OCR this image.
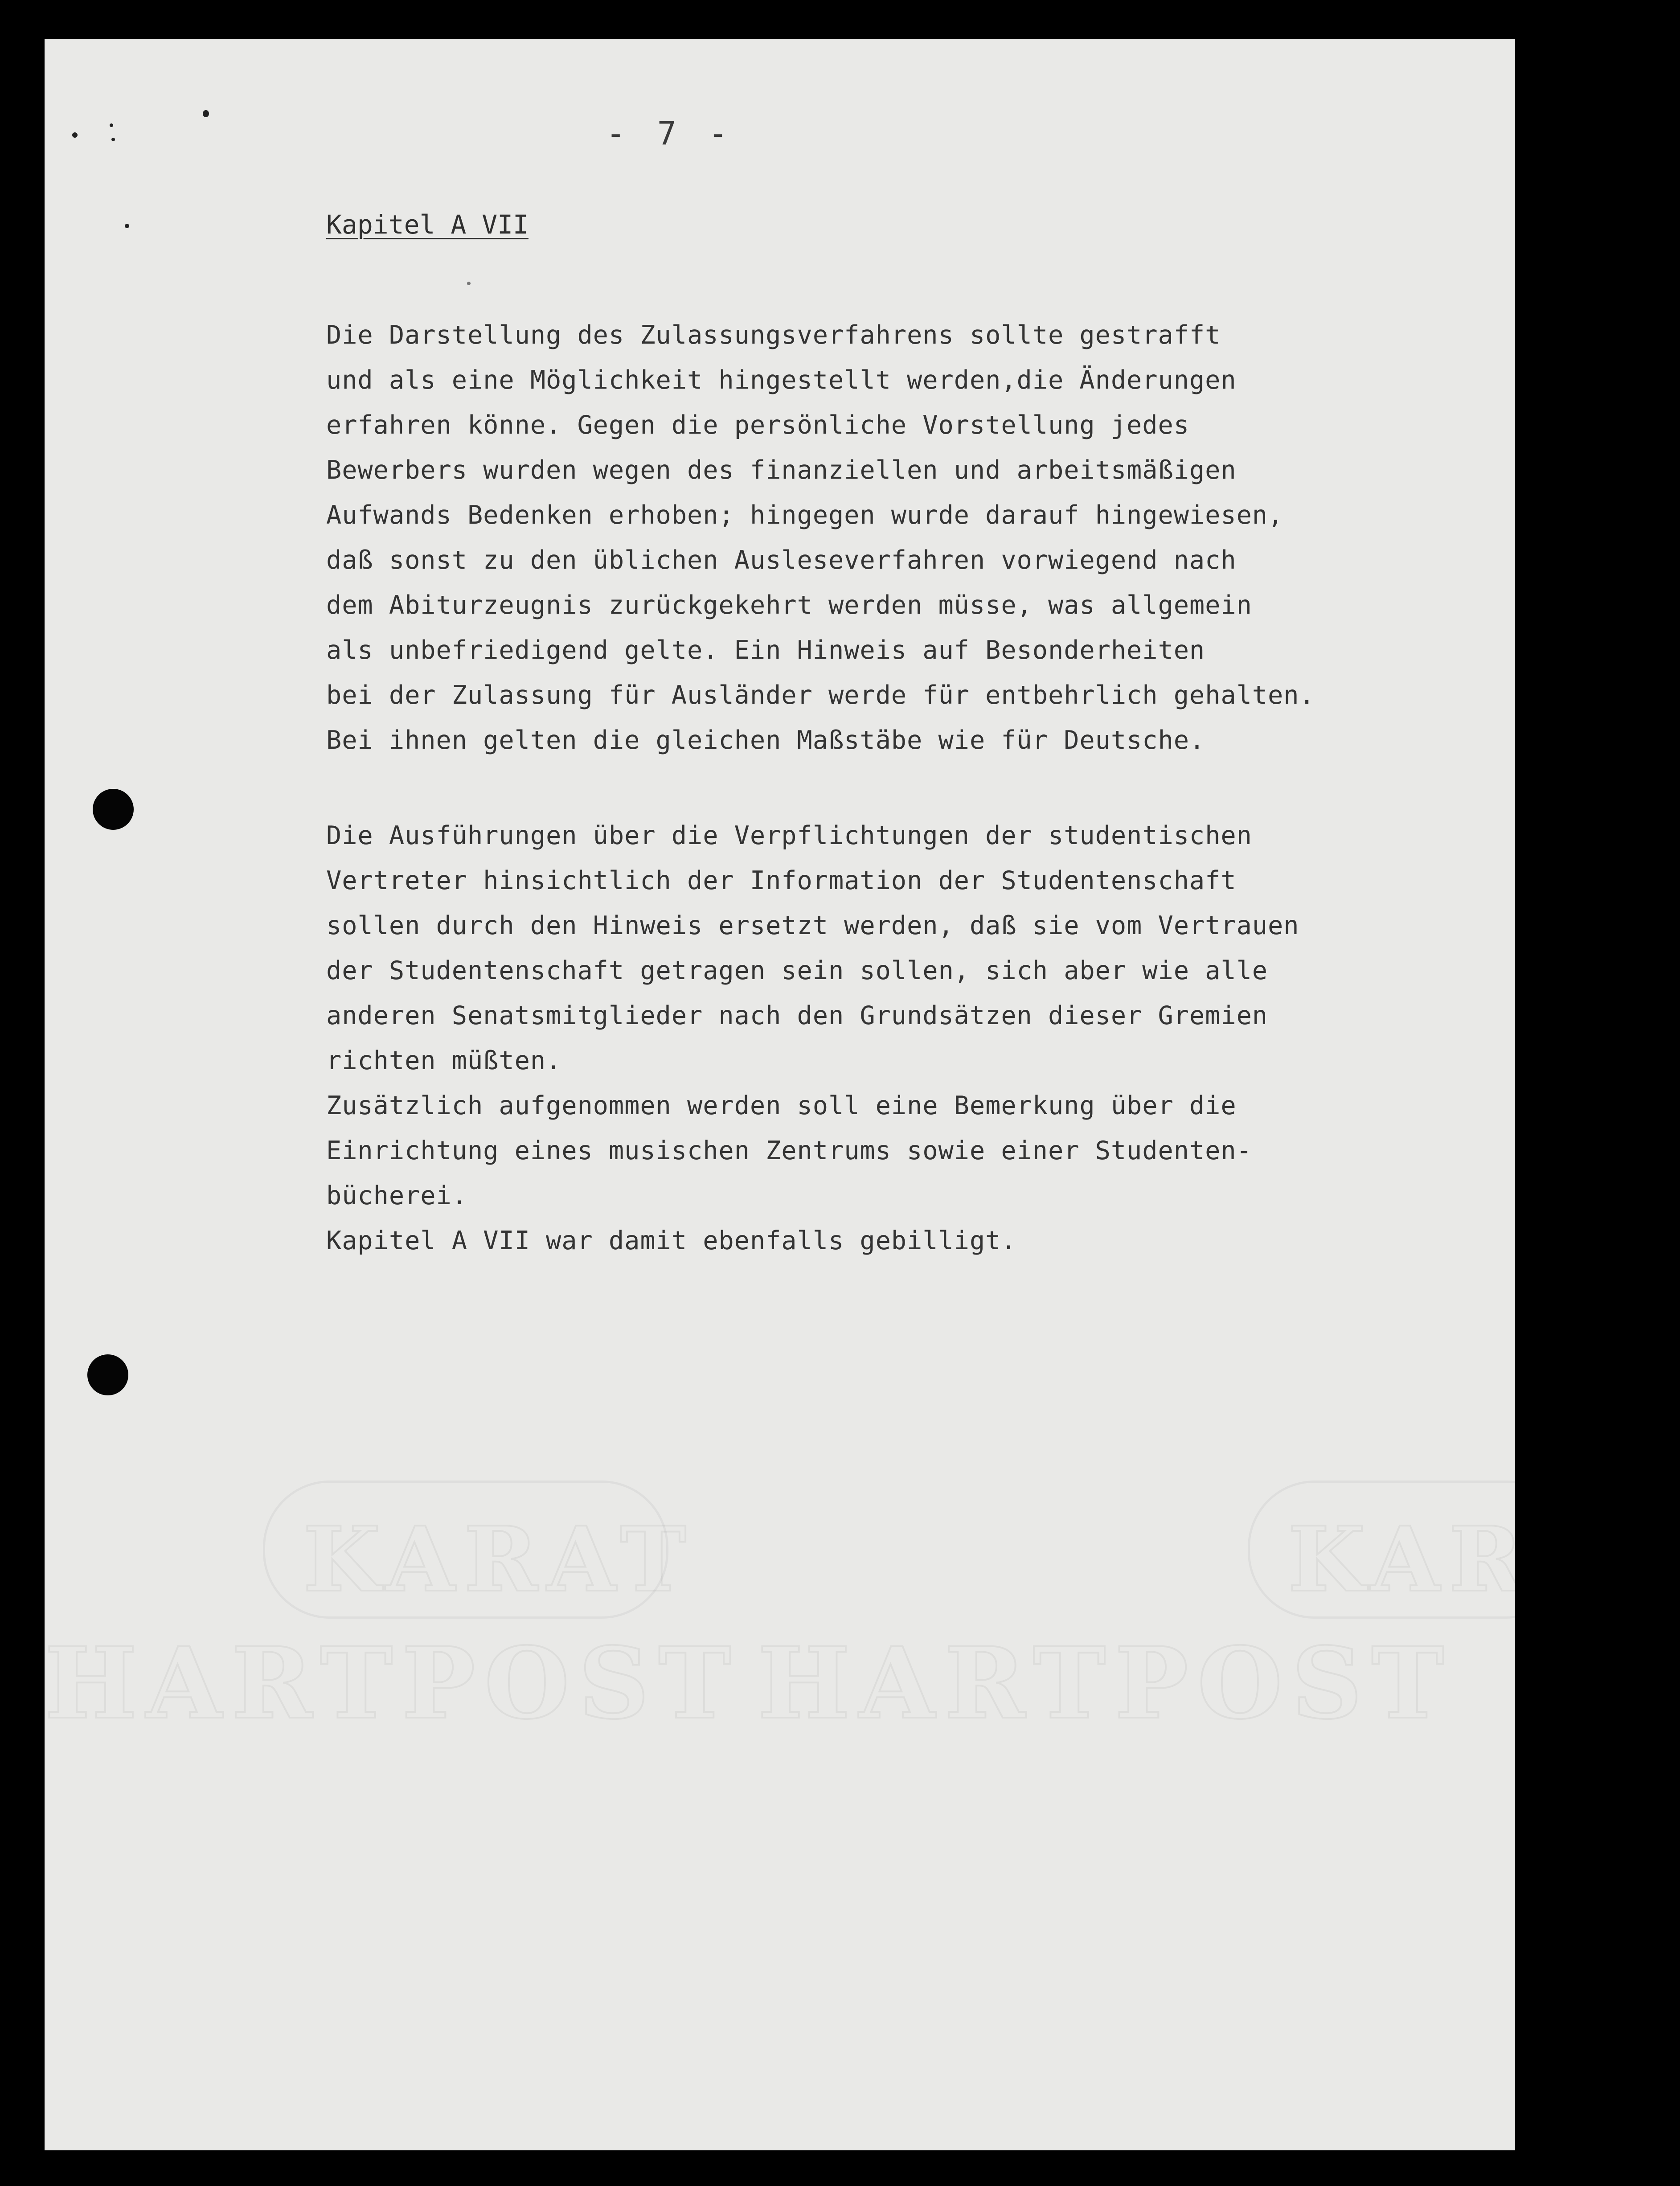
KARAT	KARAT
HARTPOST HARTPOST
- 7 -
Kapitel A VII

Die Darstellung des Zulassungsverfahrens sollte gestrafft
und als eine Möglichkeit hingestellt werden,die Änderungen
erfahren könne. Gegen die persönliche Vorstellung jedes
Bewerbers wurden wegen des finanziellen und arbeitsmäßigen
Aufwands Bedenken erhoben; hingegen wurde darauf hingewiesen,
daß sonst zu den üblichen Ausleseverfahren vorwiegend nach
dem Abiturzeugnis zurückgekehrt werden müsse, was allgemein
als unbefriedigend gelte. Ein Hinweis auf Besonderheiten
bei der Zulassung für Ausländer werde für entbehrlich gehalten.
Bei ihnen gelten die gleichen Maßstäbe wie für Deutsche.

Die Ausführungen über die Verpflichtungen der studentischen
Vertreter hinsichtlich der Information der Studentenschaft
sollen durch den Hinweis ersetzt werden, daß sie vom Vertrauen
der Studentenschaft getragen sein sollen, sich aber wie alle
anderen Senatsmitglieder nach den Grundsätzen dieser Gremien
richten müßten.
Zusätzlich aufgenommen werden soll eine Bemerkung über die
Einrichtung eines musischen Zentrums sowie einer Studenten-
bücherei.
Kapitel A VII war damit ebenfalls gebilligt.
